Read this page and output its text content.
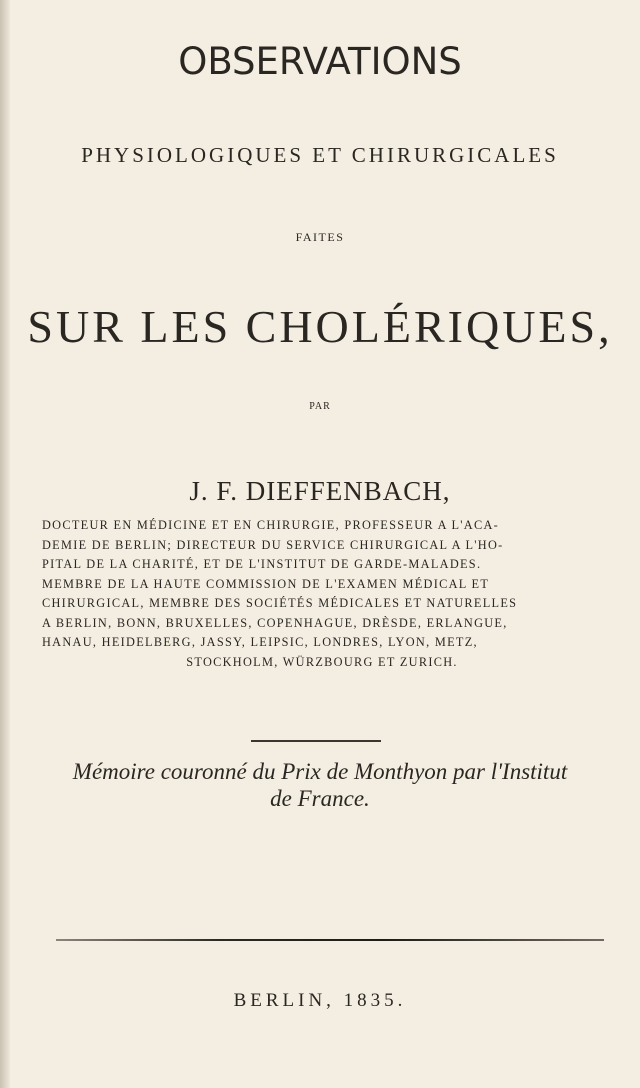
OBSERVATIONS
PHYSIOLOGIQUES ET CHIRURGICALES
FAITES
SUR LES CHOLÉRIQUES,
PAR
J. F. DIEFFENBACH,
DOCTEUR EN MÉDICINE ET EN CHIRURGIE, PROFESSEUR A L'ACA-
DEMIE DE BERLIN; DIRECTEUR DU SERVICE CHIRURGICAL A L'HO-
PITAL DE LA CHARITÉ, ET DE L'INSTITUT DE GARDE-MALADES.
MEMBRE DE LA HAUTE COMMISSION DE L'EXAMEN MÉDICAL ET
CHIRURGICAL, MEMBRE DES SOCIÉTÉS MÉDICALES ET NATURELLES
A BERLIN, BONN, BRUXELLES, COPENHAGUE, DRÈSDE, ERLANGUE,
HANAU, HEIDELBERG, JASSY, LEIPSIC, LONDRES, LYON, METZ,
STOCKHOLM, WÜRZBOURG ET ZURICH.
Mémoire couronné du Prix de Monthyon par l'Institut
de France.
BERLIN, 1835.
